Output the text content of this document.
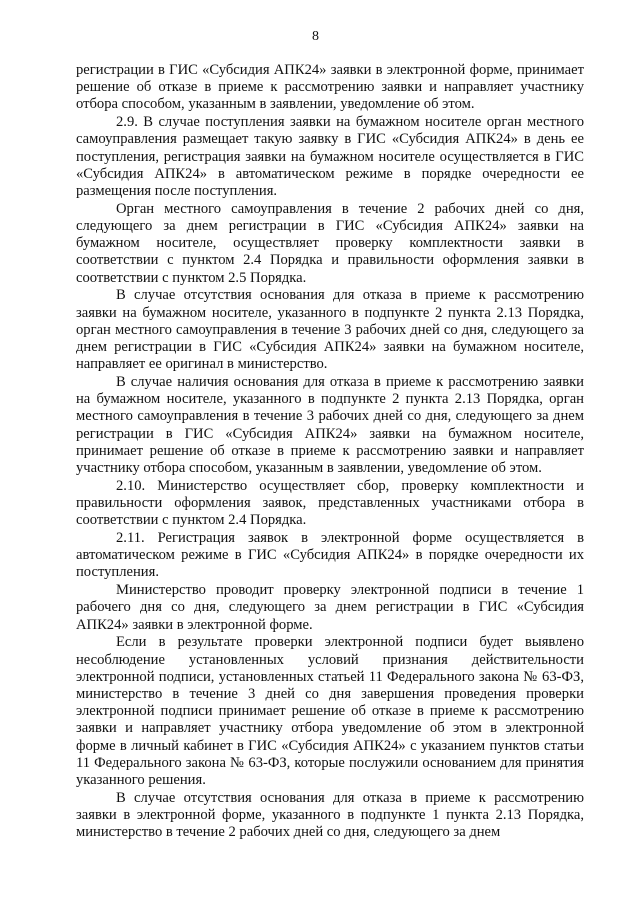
8

регистрации в ГИС «Субсидия АПК24» заявки в электронной форме, принимает решение об отказе в приеме к рассмотрению заявки и направляет участнику отбора способом, указанным в заявлении, уведомление об этом.

2.9. В случае поступления заявки на бумажном носителе орган местного самоуправления размещает такую заявку в ГИС «Субсидия АПК24» в день ее поступления, регистрация заявки на бумажном носителе осуществляется в ГИС «Субсидия АПК24» в автоматическом режиме в порядке очередности ее размещения после поступления.

Орган местного самоуправления в течение 2 рабочих дней со дня, следующего за днем регистрации в ГИС «Субсидия АПК24» заявки на бумажном носителе, осуществляет проверку комплектности заявки в соответствии с пунктом 2.4 Порядка и правильности оформления заявки в соответствии с пунктом 2.5 Порядка.

В случае отсутствия основания для отказа в приеме к рассмотрению заявки на бумажном носителе, указанного в подпункте 2 пункта 2.13 Порядка, орган местного самоуправления в течение 3 рабочих дней со дня, следующего за днем регистрации в ГИС «Субсидия АПК24» заявки на бумажном носителе, направляет ее оригинал в министерство.

В случае наличия основания для отказа в приеме к рассмотрению заявки на бумажном носителе, указанного в подпункте 2 пункта 2.13 Порядка, орган местного самоуправления в течение 3 рабочих дней со дня, следующего за днем регистрации в ГИС «Субсидия АПК24» заявки на бумажном носителе, принимает решение об отказе в приеме к рассмотрению заявки и направляет участнику отбора способом, указанным в заявлении, уведомление об этом.

2.10. Министерство осуществляет сбор, проверку комплектности и правильности оформления заявок, представленных участниками отбора в соответствии с пунктом 2.4 Порядка.

2.11. Регистрация заявок в электронной форме осуществляется в автоматическом режиме в ГИС «Субсидия АПК24» в порядке очередности их поступления.

Министерство проводит проверку электронной подписи в течение 1 рабочего дня со дня, следующего за днем регистрации в ГИС «Субсидия АПК24» заявки в электронной форме.

Если в результате проверки электронной подписи будет выявлено несоблюдение установленных условий признания действительности электронной подписи, установленных статьей 11 Федерального закона № 63-ФЗ, министерство в течение 3 дней со дня завершения проведения проверки электронной подписи принимает решение об отказе в приеме к рассмотрению заявки и направляет участнику отбора уведомление об этом в электронной форме в личный кабинет в ГИС «Субсидия АПК24» с указанием пунктов статьи 11 Федерального закона № 63-ФЗ, которые послужили основанием для принятия указанного решения.

В случае отсутствия основания для отказа в приеме к рассмотрению заявки в электронной форме, указанного в подпункте 1 пункта 2.13 Порядка, министерство в течение 2 рабочих дней со дня, следующего за днем
